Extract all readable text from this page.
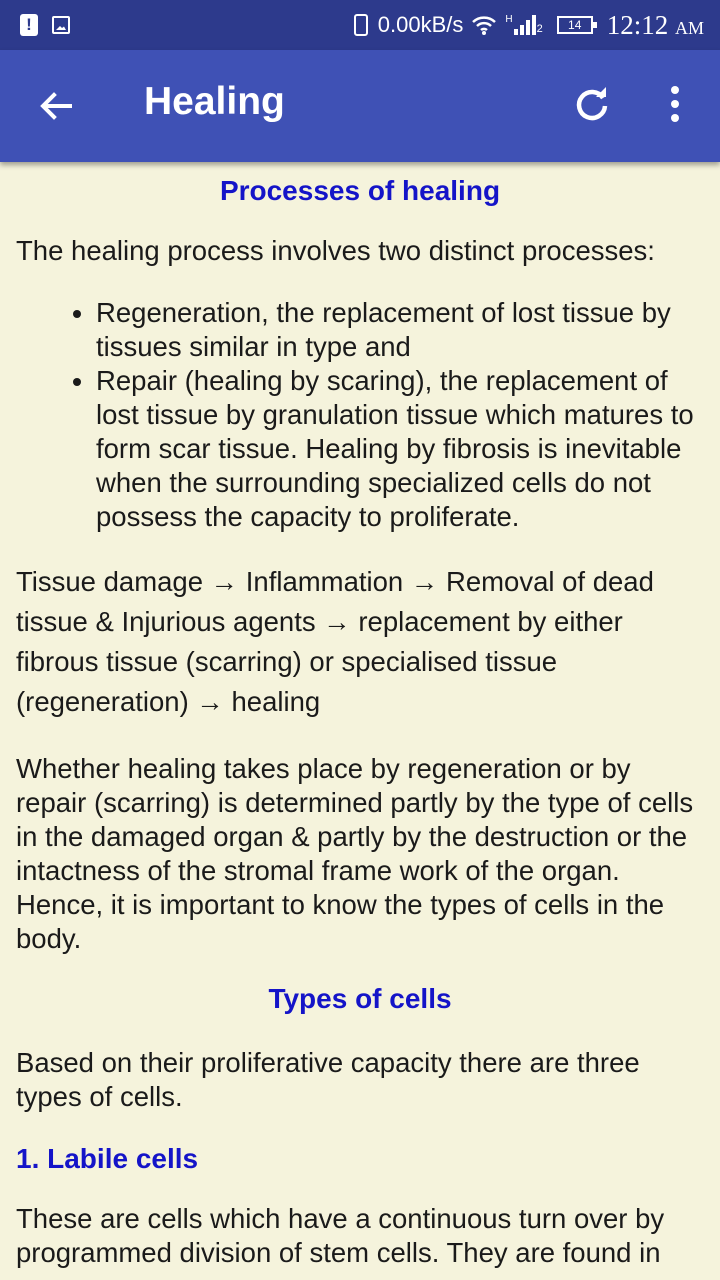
!	0.00kB/s	H
2 14 12:12 AM
Healing
Processes of healing

The healing process involves two distinct processes:

• Regeneration, the replacement of lost tissue by tissues similar in type and
• Repair (healing by scaring), the replacement of lost tissue by granulation tissue which matures to form scar tissue. Healing by fibrosis is inevitable when the surrounding specialized cells do not possess the capacity to proliferate.

Tissue damage → Inflammation → Removal of dead tissue & Injurious agents → replacement by either fibrous tissue (scarring) or specialised tissue (regeneration) → healing

Whether healing takes place by regeneration or by repair (scarring) is determined partly by the type of cells in the damaged organ & partly by the destruction or the intactness of the stromal frame work of the organ. Hence, it is important to know the types of cells in the body.

Types of cells

Based on their proliferative capacity there are three types of cells.

1. Labile cells

These are cells which have a continuous turn over by programmed division of stem cells. They are found in
